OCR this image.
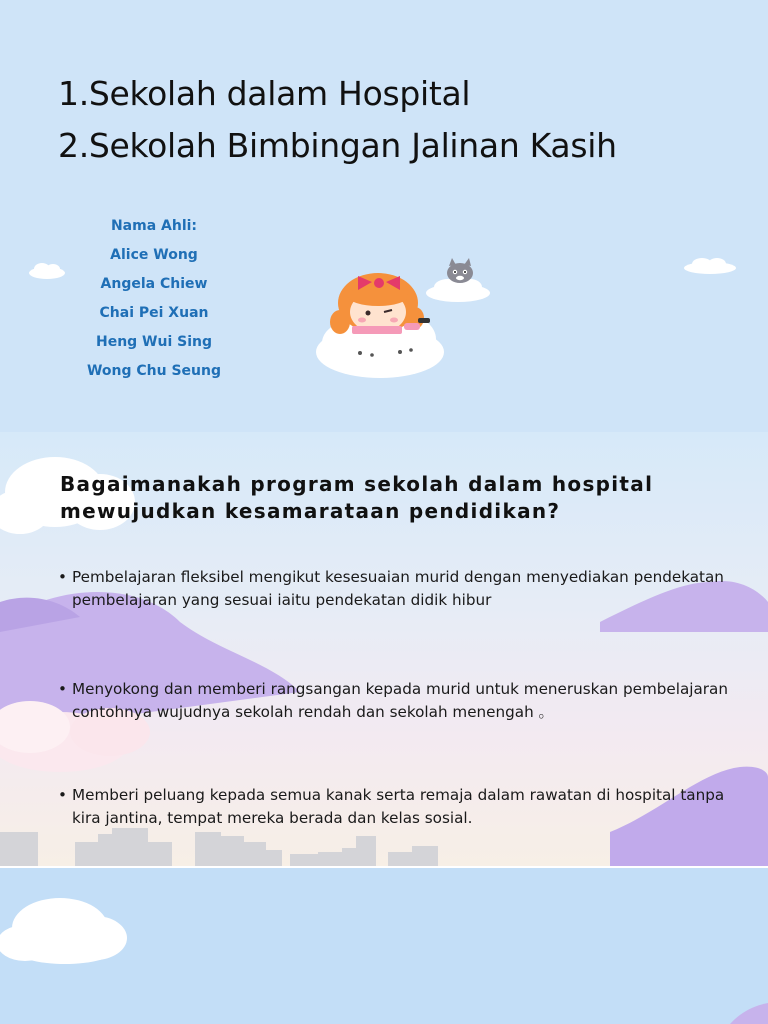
1.Sekolah dalam Hospital
2.Sekolah Bimbingan Jalinan Kasih
Nama Ahli:
Alice Wong
Angela Chiew
Chai Pei Xuan
Heng Wui Sing
Wong Chu Seung
Bagaimanakah program sekolah dalam hospital
mewujudkan kesamarataan pendidikan?
• Pembelajaran fleksibel mengikut kesesuaian murid dengan menyediakan pendekatan pembelajaran yang sesuai iaitu pendekatan didik hibur
• Menyokong dan memberi rangsangan kepada murid untuk meneruskan pembelajaran contohnya wujudnya sekolah rendah dan sekolah menengah 。
• Memberi peluang kepada semua kanak serta remaja dalam rawatan di hospital tanpa kira jantina, tempat mereka berada dan kelas sosial.
